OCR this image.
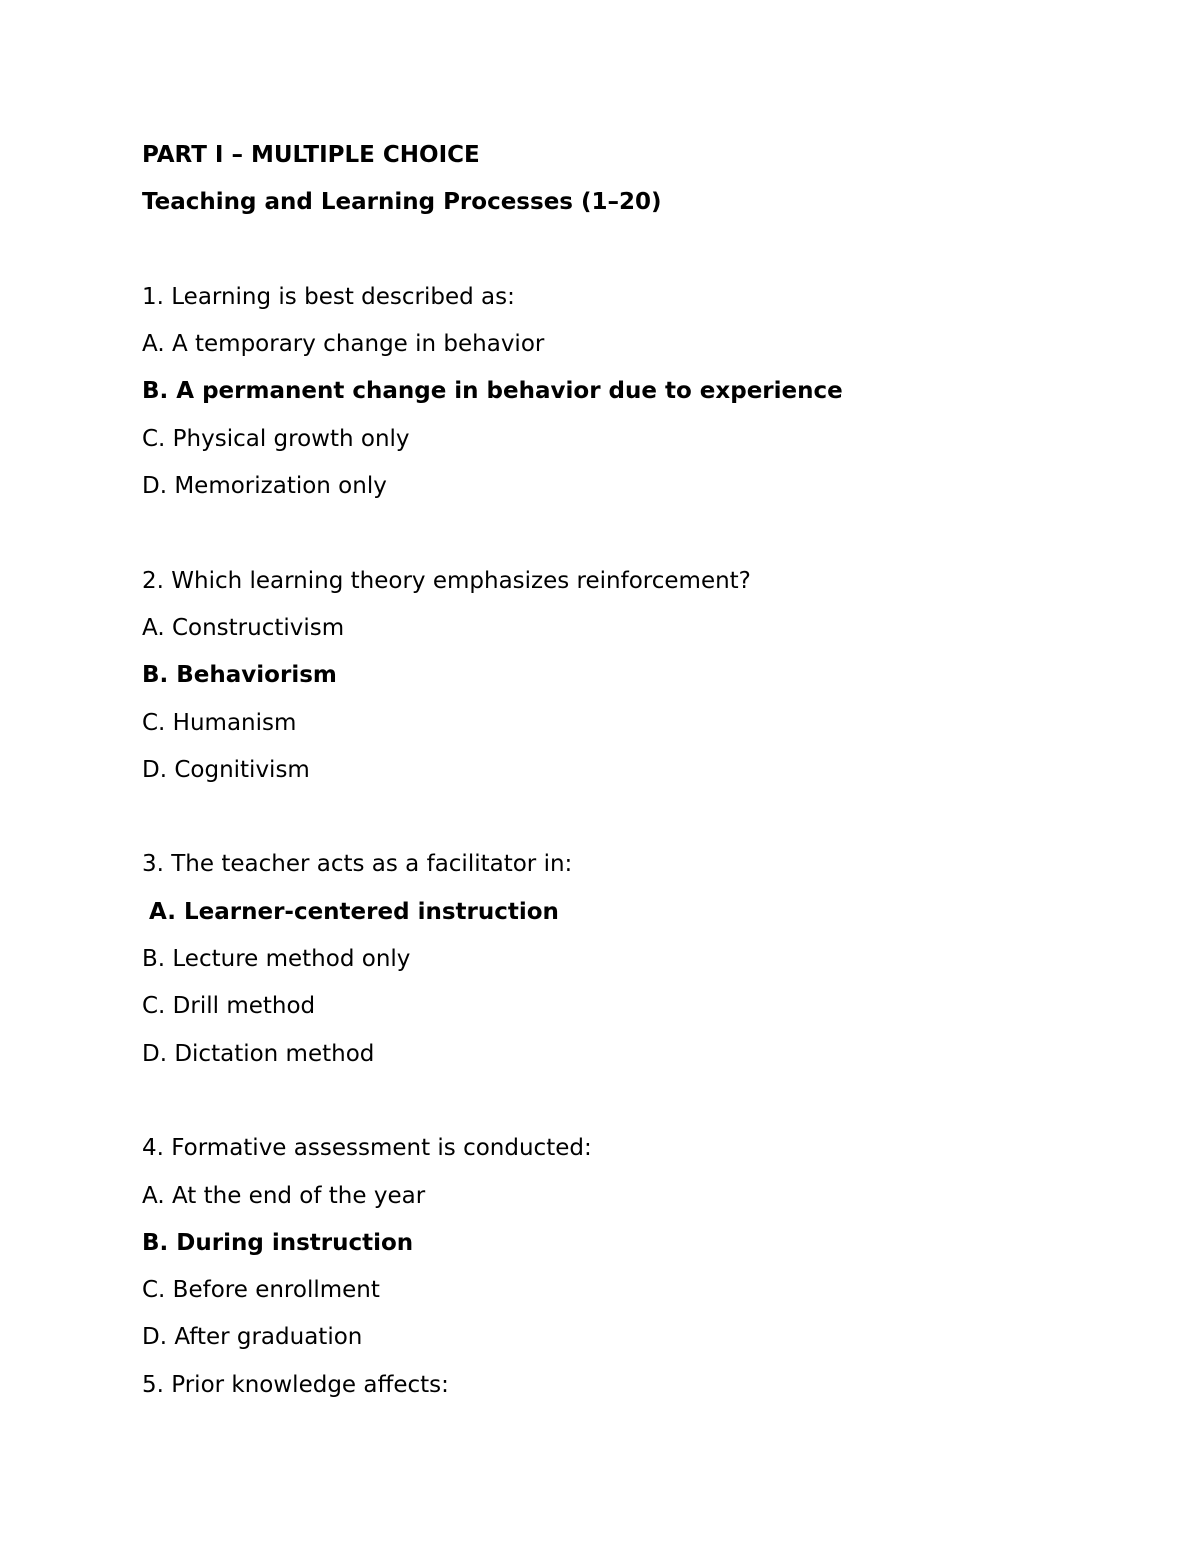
PART I – MULTIPLE CHOICE
Teaching and Learning Processes (1–20)
1. Learning is best described as:
A. A temporary change in behavior
B. A permanent change in behavior due to experience
C. Physical growth only
D. Memorization only
2. Which learning theory emphasizes reinforcement?
A. Constructivism
B. Behaviorism
C. Humanism
D. Cognitivism
3. The teacher acts as a facilitator in:
A. Learner-centered instruction
B. Lecture method only
C. Drill method
D. Dictation method
4. Formative assessment is conducted:
A. At the end of the year
B. During instruction
C. Before enrollment
D. After graduation
5. Prior knowledge affects:
